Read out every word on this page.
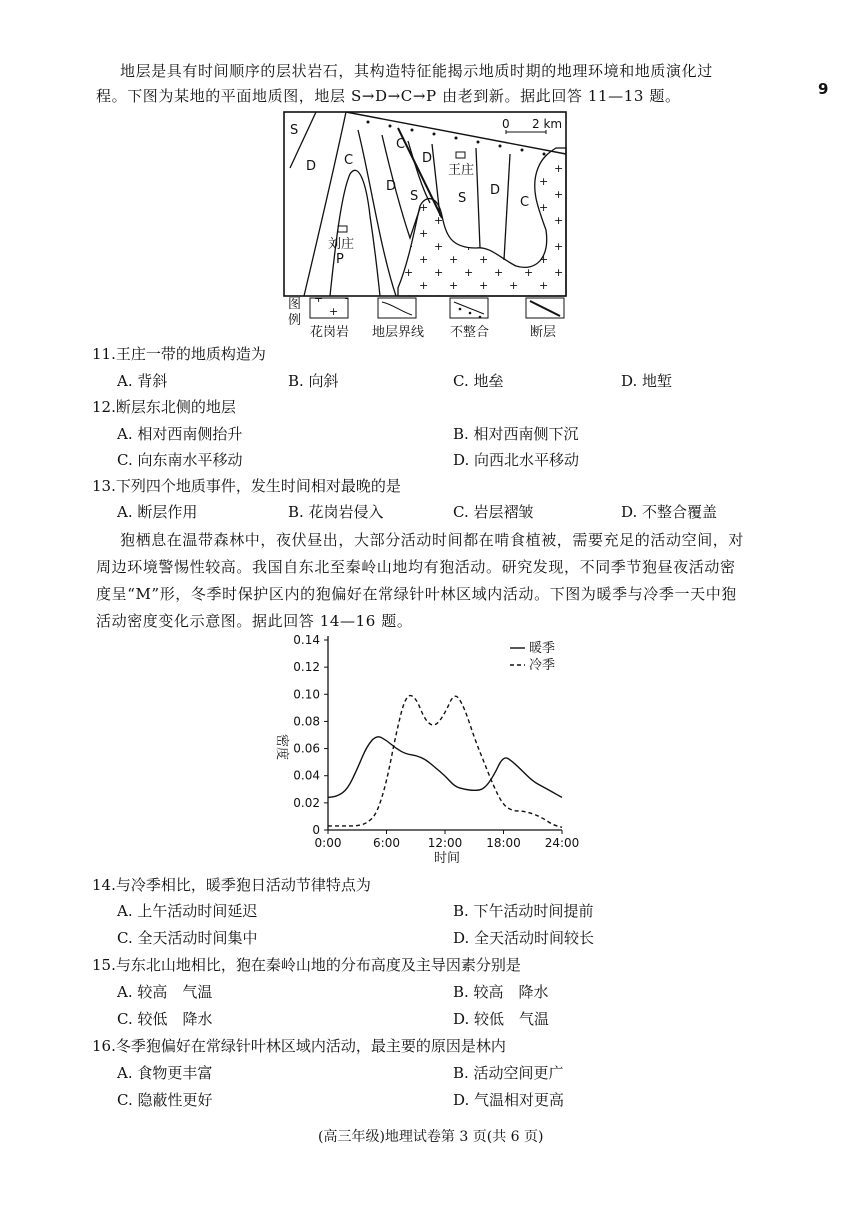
9
地层是具有时间顺序的层状岩石，其构造特征能揭示地质时期的地理环境和地质演化过
程。下图为某地的平面地质图，地层 S→D→C→P 由老到新。据此回答 11—13 题。
S
D C
C
D
D
S	S
D
C
P
王庄
刘庄
0 2 km
图
例
花岗岩 地层界线 不整合	断层
11.王庄一带的地质构造为
A. 背斜	B. 向斜	C. 地垒	D. 地堑
12.断层东北侧的地层
A. 相对西南侧抬升	B. 相对西南侧下沉
C. 向东南水平移动	D. 向西北水平移动
13.下列四个地质事件，发生时间相对最晚的是
A. 断层作用	B. 花岗岩侵入	C. 岩层褶皱	D. 不整合覆盖
狍栖息在温带森林中，夜伏昼出，大部分活动时间都在啃食植被，需要充足的活动空间，对
周边环境警惕性较高。我国自东北至秦岭山地均有狍活动。研究发现，不同季节狍昼夜活动密
度呈“M”形，冬季时保护区内的狍偏好在常绿针叶林区域内活动。下图为暖季与冷季一天中狍
活动密度变化示意图。据此回答 14—16 题。
0
0.02
0.04
0.06
0.08
0.10
0.12
0.14
0:00	6:00 12:00 18:00 24:00
密度
时间
暖季
冷季
14.与冷季相比，暖季狍日活动节律特点为
A. 上午活动时间延迟	B. 下午活动时间提前
C. 全天活动时间集中	D. 全天活动时间较长
15.与东北山地相比，狍在秦岭山地的分布高度及主导因素分别是
A. 较高　气温	B. 较高　降水
C. 较低　降水	D. 较低　气温
16.冬季狍偏好在常绿针叶林区域内活动，最主要的原因是林内
A. 食物更丰富	B. 活动空间更广
C. 隐蔽性更好	D. 气温相对更高
(高三年级)地理试卷第 3 页(共 6 页)
